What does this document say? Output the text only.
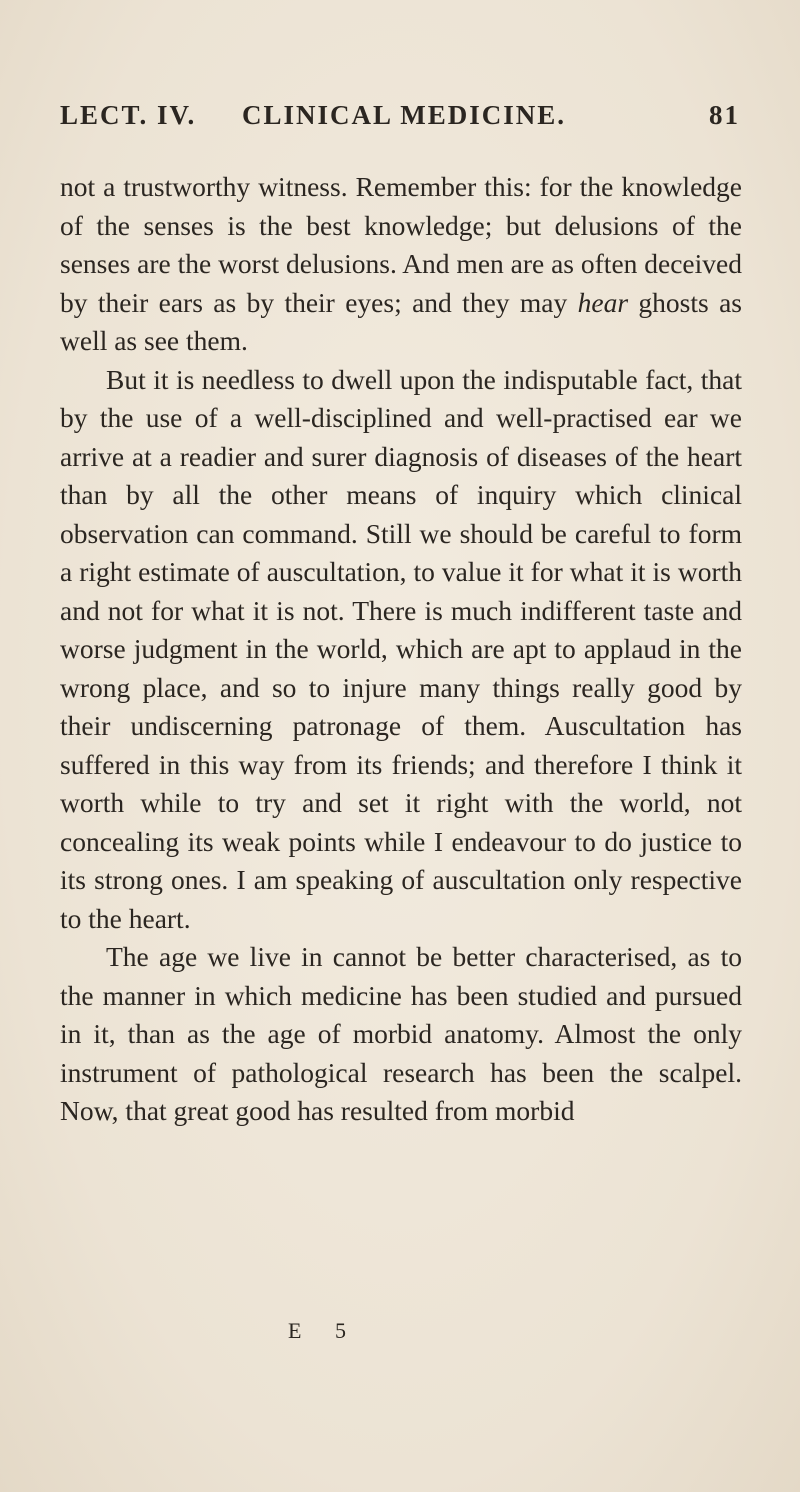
LECT. IV. CLINICAL MEDICINE.	81

not a trustworthy witness. Remember this: for the knowledge of the senses is the best knowledge; but delusions of the senses are the worst delusions. And men are as often deceived by their ears as by their eyes; and they may hear ghosts as well as see them.

But it is needless to dwell upon the indisputable fact, that by the use of a well-disciplined and well-practised ear we arrive at a readier and surer diagnosis of diseases of the heart than by all the other means of inquiry which clinical observation can command. Still we should be careful to form a right estimate of auscultation, to value it for what it is worth and not for what it is not. There is much indifferent taste and worse judgment in the world, which are apt to applaud in the wrong place, and so to injure many things really good by their undiscerning patronage of them. Auscultation has suffered in this way from its friends; and therefore I think it worth while to try and set it right with the world, not concealing its weak points while I endeavour to do justice to its strong ones. I am speaking of auscultation only respective to the heart.

The age we live in cannot be better characterised, as to the manner in which medicine has been studied and pursued in it, than as the age of morbid anatomy. Almost the only instrument of pathological research has been the scalpel. Now, that great good has resulted from morbid

E 5
